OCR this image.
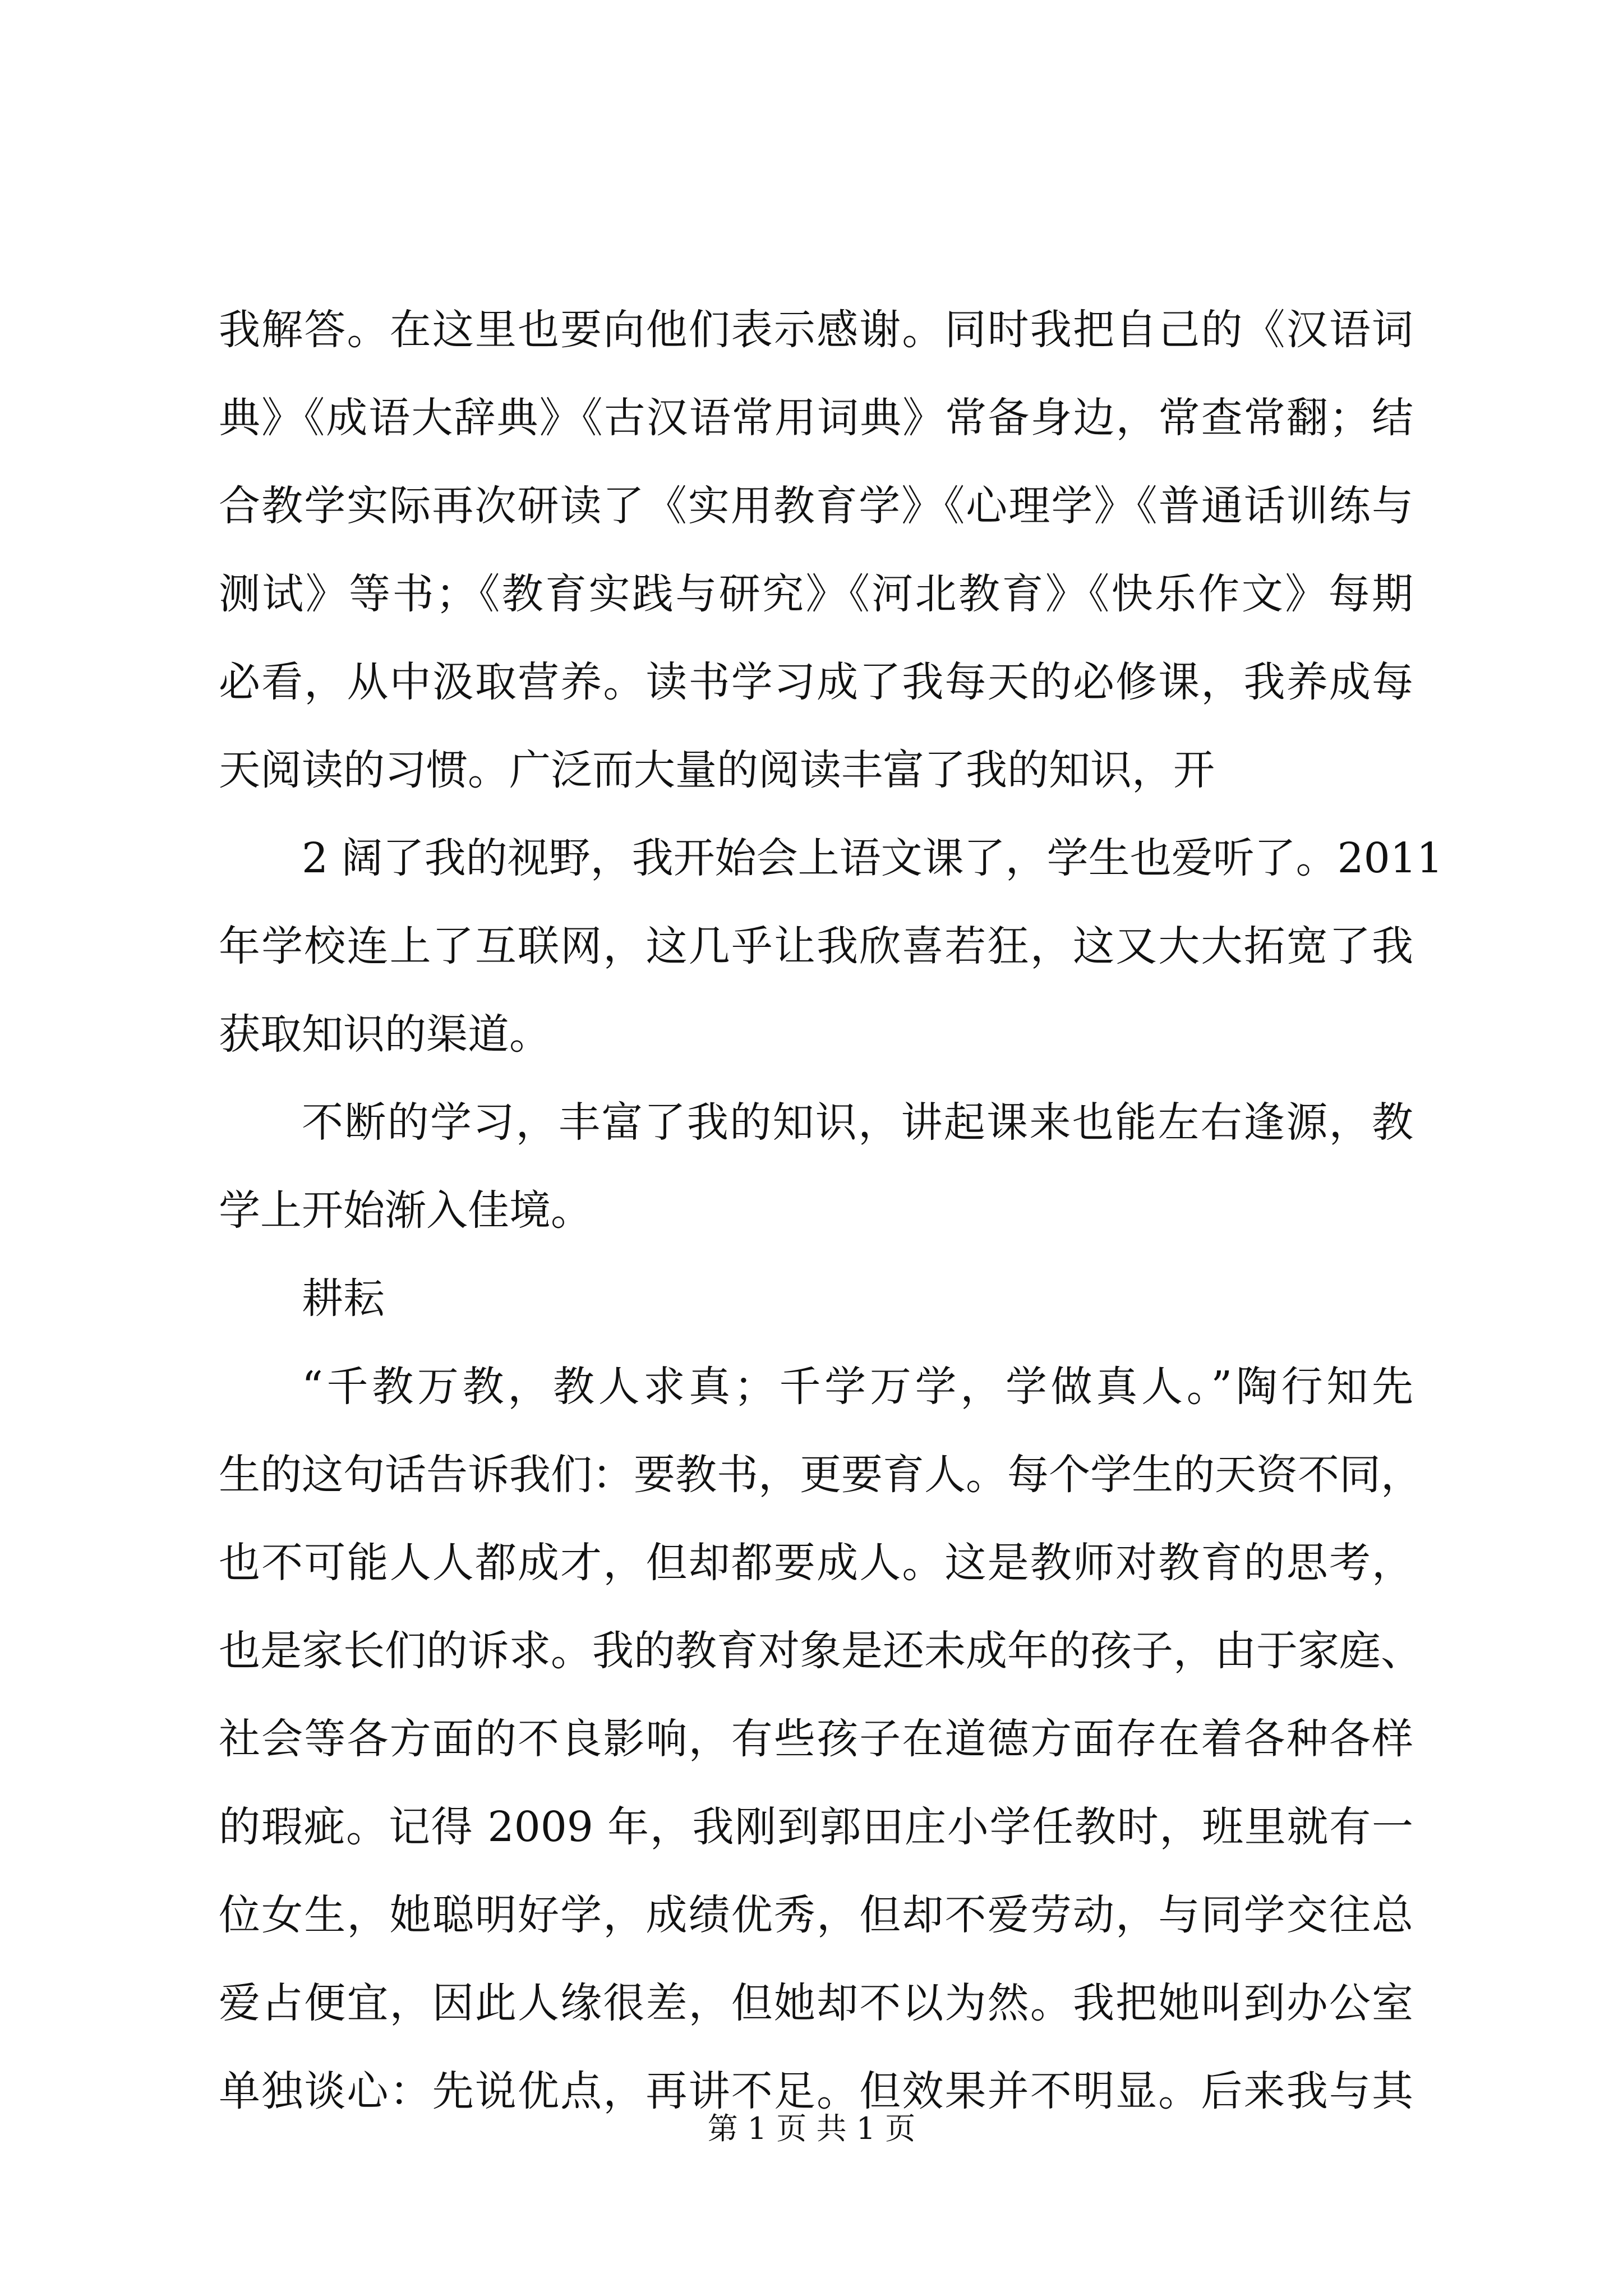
我解答。在这里也要向他们表示感谢。同时我把自己的《汉语词
典》《成语大辞典》《古汉语常用词典》常备身边，常查常翻；结
合教学实际再次研读了《实用教育学》《心理学》《普通话训练与
测试》等书；《教育实践与研究》《河北教育》《快乐作文》每期
必看，从中汲取营养。读书学习成了我每天的必修课，我养成每
天阅读的习惯。广泛而大量的阅读丰富了我的知识，开
2 阔了我的视野，我开始会上语文课了，学生也爱听了。2011
年学校连上了互联网，这几乎让我欣喜若狂，这又大大拓宽了我
获取知识的渠道。
不断的学习，丰富了我的知识，讲起课来也能左右逢源，教
学上开始渐入佳境。
耕耘
“千教万教，教人求真；千学万学，学做真人。”陶行知先
生的这句话告诉我们：要教书，更要育人。每个学生的天资不同，
也不可能人人都成才，但却都要成人。这是教师对教育的思考，
也是家长们的诉求。我的教育对象是还未成年的孩子，由于家庭、
社会等各方面的不良影响，有些孩子在道德方面存在着各种各样
的瑕疵。记得 2009 年，我刚到郭田庄小学任教时，班里就有一
位女生，她聪明好学，成绩优秀，但却不爱劳动，与同学交往总
爱占便宜，因此人缘很差，但她却不以为然。我把她叫到办公室
单独谈心：先说优点，再讲不足。但效果并不明显。后来我与其
第 1 页 共 1 页
